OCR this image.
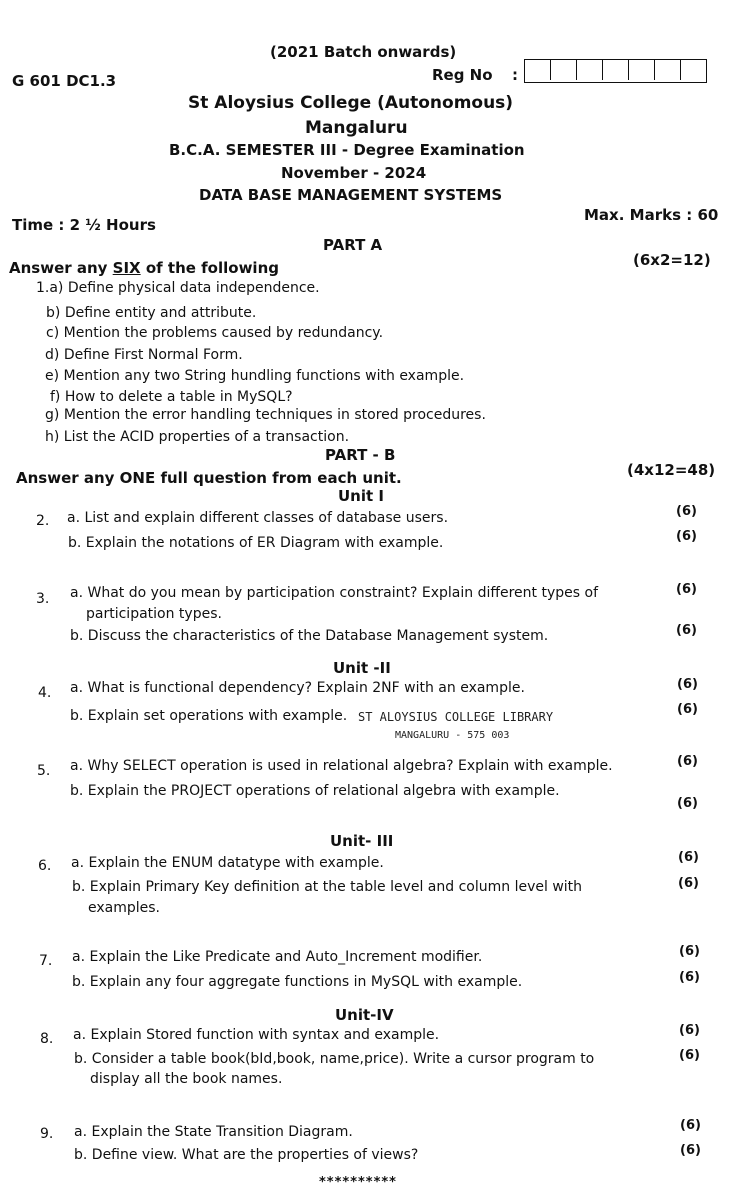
(2021 Batch onwards)
G 601 DC1.3	Reg No :
St Aloysius College (Autonomous)
Mangaluru
B.C.A. SEMESTER III - Degree Examination
November - 2024
DATA BASE MANAGEMENT SYSTEMS
Time : 2 ½ Hours
Max. Marks : 60
PART A
Answer any SIX of the following	(6x2=12)
1.a) Define physical data independence.
b) Define entity and attribute.
c) Mention the problems caused by redundancy.
d) Define First Normal Form.
e) Mention any two String hundling functions with example.
f) How to delete a table in MySQL?
g) Mention the error handling techniques in stored procedures.
h) List the ACID properties of a transaction.
PART - B
Answer any ONE full question from each unit.	(4x12=48)
Unit I
2. a. List and explain different classes of database users.	(6)
b. Explain the notations of ER Diagram with example.	(6)
3. a. What do you mean by participation constraint? Explain different types of
participation types.
(6)
b. Discuss the characteristics of the Database Management system.	(6)
Unit -II
4. a. What is functional dependency? Explain 2NF with an example.	(6)
b. Explain set operations with example.	(6)
ST ALOYSIUS COLLEGE LIBRARY
MANGALURU - 575 003
5. a. Why SELECT operation is used in relational algebra? Explain with example.	(6)
b. Explain the PROJECT operations of relational algebra with example.
(6)
Unit- III
6. a. Explain the ENUM datatype with example.	(6)
b. Explain Primary Key definition at the table level and column level with
examples.
(6)
7. a. Explain the Like Predicate and Auto_Increment modifier.	(6)
b. Explain any four aggregate functions in MySQL with example.	(6)
Unit-IV
8. a. Explain Stored function with syntax and example.	(6)
b. Consider a table book(bId,book, name,price). Write a cursor program to
display all the book names.
(6)
9. a. Explain the State Transition Diagram.	(6)
b. Define view. What are the properties of views?	(6)
**********
